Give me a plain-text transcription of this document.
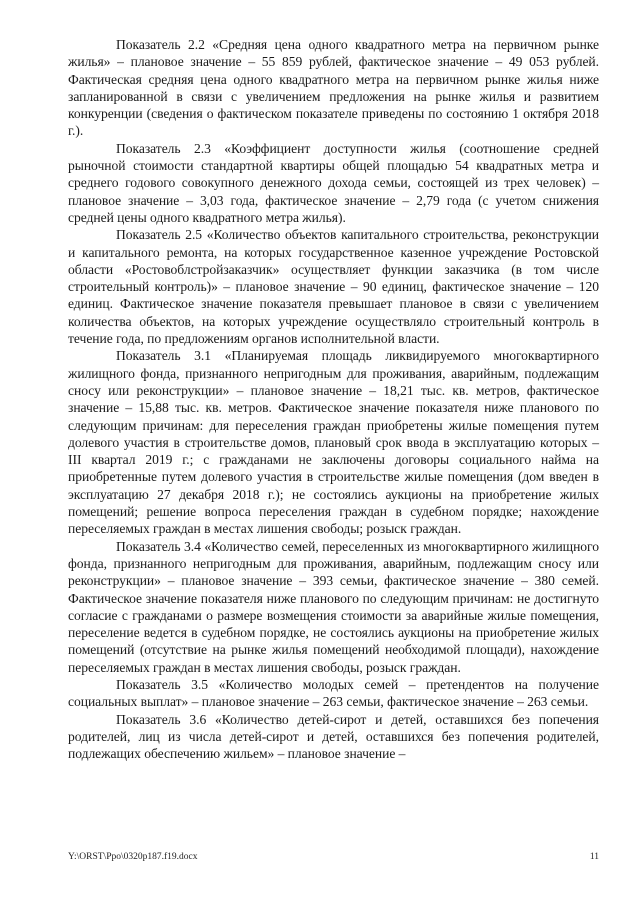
Показатель 2.2 «Средняя цена одного квадратного метра на первичном рынке жилья» – плановое значение – 55 859 рублей, фактическое значение – 49 053 рублей. Фактическая средняя цена одного квадратного метра на первичном рынке жилья ниже запланированной в связи с увеличением предложения на рынке жилья и развитием конкуренции (сведения о фактическом показателе приведены по состоянию 1 октября 2018 г.).

Показатель 2.3 «Коэффициент доступности жилья (соотношение средней рыночной стоимости стандартной квартиры общей площадью 54 квадратных метра и среднего годового совокупного денежного дохода семьи, состоящей из трех человек) – плановое значение – 3,03 года, фактическое значение – 2,79 года (с учетом снижения средней цены одного квадратного метра жилья).

Показатель 2.5 «Количество объектов капитального строительства, реконструкции и капитального ремонта, на которых государственное казенное учреждение Ростовской области «Ростовоблстройзаказчик» осуществляет функции заказчика (в том числе строительный контроль)» – плановое значение – 90 единиц, фактическое значение – 120 единиц. Фактическое значение показателя превышает плановое в связи с увеличением количества объектов, на которых учреждение осуществляло строительный контроль в течение года, по предложениям органов исполнительной власти.

Показатель 3.1 «Планируемая площадь ликвидируемого многоквартирного жилищного фонда, признанного непригодным для проживания, аварийным, подлежащим сносу или реконструкции» – плановое значение – 18,21 тыс. кв. метров, фактическое значение – 15,88 тыс. кв. метров. Фактическое значение показателя ниже планового по следующим причинам: для переселения граждан приобретены жилые помещения путем долевого участия в строительстве домов, плановый срок ввода в эксплуатацию которых – III квартал 2019 г.; с гражданами не заключены договоры социального найма на приобретенные путем долевого участия в строительстве жилые помещения (дом введен в эксплуатацию 27 декабря 2018 г.); не состоялись аукционы на приобретение жилых помещений; решение вопроса переселения граждан в судебном порядке; нахождение переселяемых граждан в местах лишения свободы; розыск граждан.

Показатель 3.4 «Количество семей, переселенных из многоквартирного жилищного фонда, признанного непригодным для проживания, аварийным, подлежащим сносу или реконструкции» – плановое значение – 393 семьи, фактическое значение – 380 семей. Фактическое значение показателя ниже планового по следующим причинам: не достигнуто согласие с гражданами о размере возмещения стоимости за аварийные жилые помещения, переселение ведется в судебном порядке, не состоялись аукционы на приобретение жилых помещений (отсутствие на рынке жилья помещений необходимой площади), нахождение переселяемых граждан в местах лишения свободы, розыск граждан.

Показатель 3.5 «Количество молодых семей – претендентов на получение социальных выплат» – плановое значение – 263 семьи, фактическое значение – 263 семьи.

Показатель 3.6 «Количество детей-сирот и детей, оставшихся без попечения родителей, лиц из числа детей-сирот и детей, оставшихся без попечения родителей, подлежащих обеспечению жильем» – плановое значение –

Y:\ORST\Ppo\0320p187.f19.docx	11
